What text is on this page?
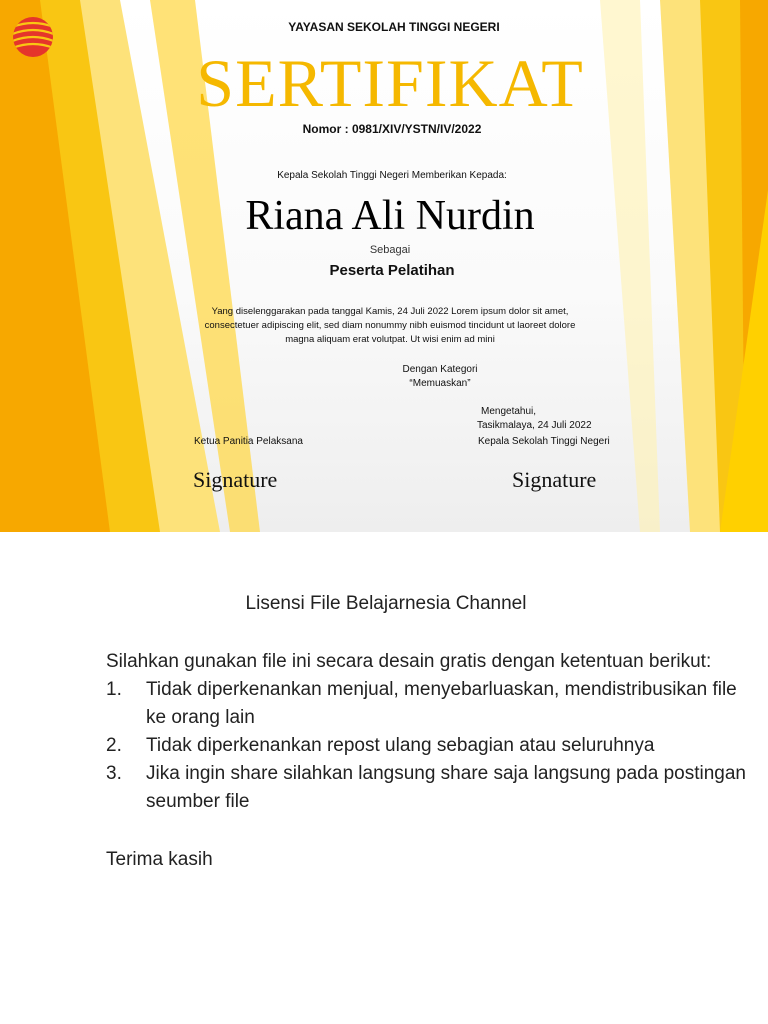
YAYASAN SEKOLAH TINGGI NEGERI
SERTIFIKAT
Nomor : 0981/XIV/YSTN/IV/2022
Kepala Sekolah Tinggi Negeri Memberikan Kepada:
Riana Ali Nurdin
Sebagai
Peserta Pelatihan
Yang diselenggarakan pada tanggal Kamis, 24 Juli 2022 Lorem ipsum dolor sit amet, consectetuer adipiscing elit, sed diam nonummy nibh euismod tincidunt ut laoreet dolore magna aliquam erat volutpat. Ut wisi enim ad mini
Dengan Kategori
“Memuaskan”
Mengetahui,
Tasikmalaya, 24 Juli 2022
Ketua Panitia Pelaksana	Kepala Sekolah Tinggi Negeri
Signature	Signature
Lisensi File Belajarnesia Channel

Silahkan gunakan file ini secara desain gratis dengan ketentuan berikut:

1. Tidak diperkenankan menjual, menyebarluaskan, mendistribusikan file ke orang lain
2. Tidak diperkenankan repost ulang sebagian atau seluruhnya
3. Jika ingin share silahkan langsung share saja langsung pada postingan seumber file
Terima kasih
